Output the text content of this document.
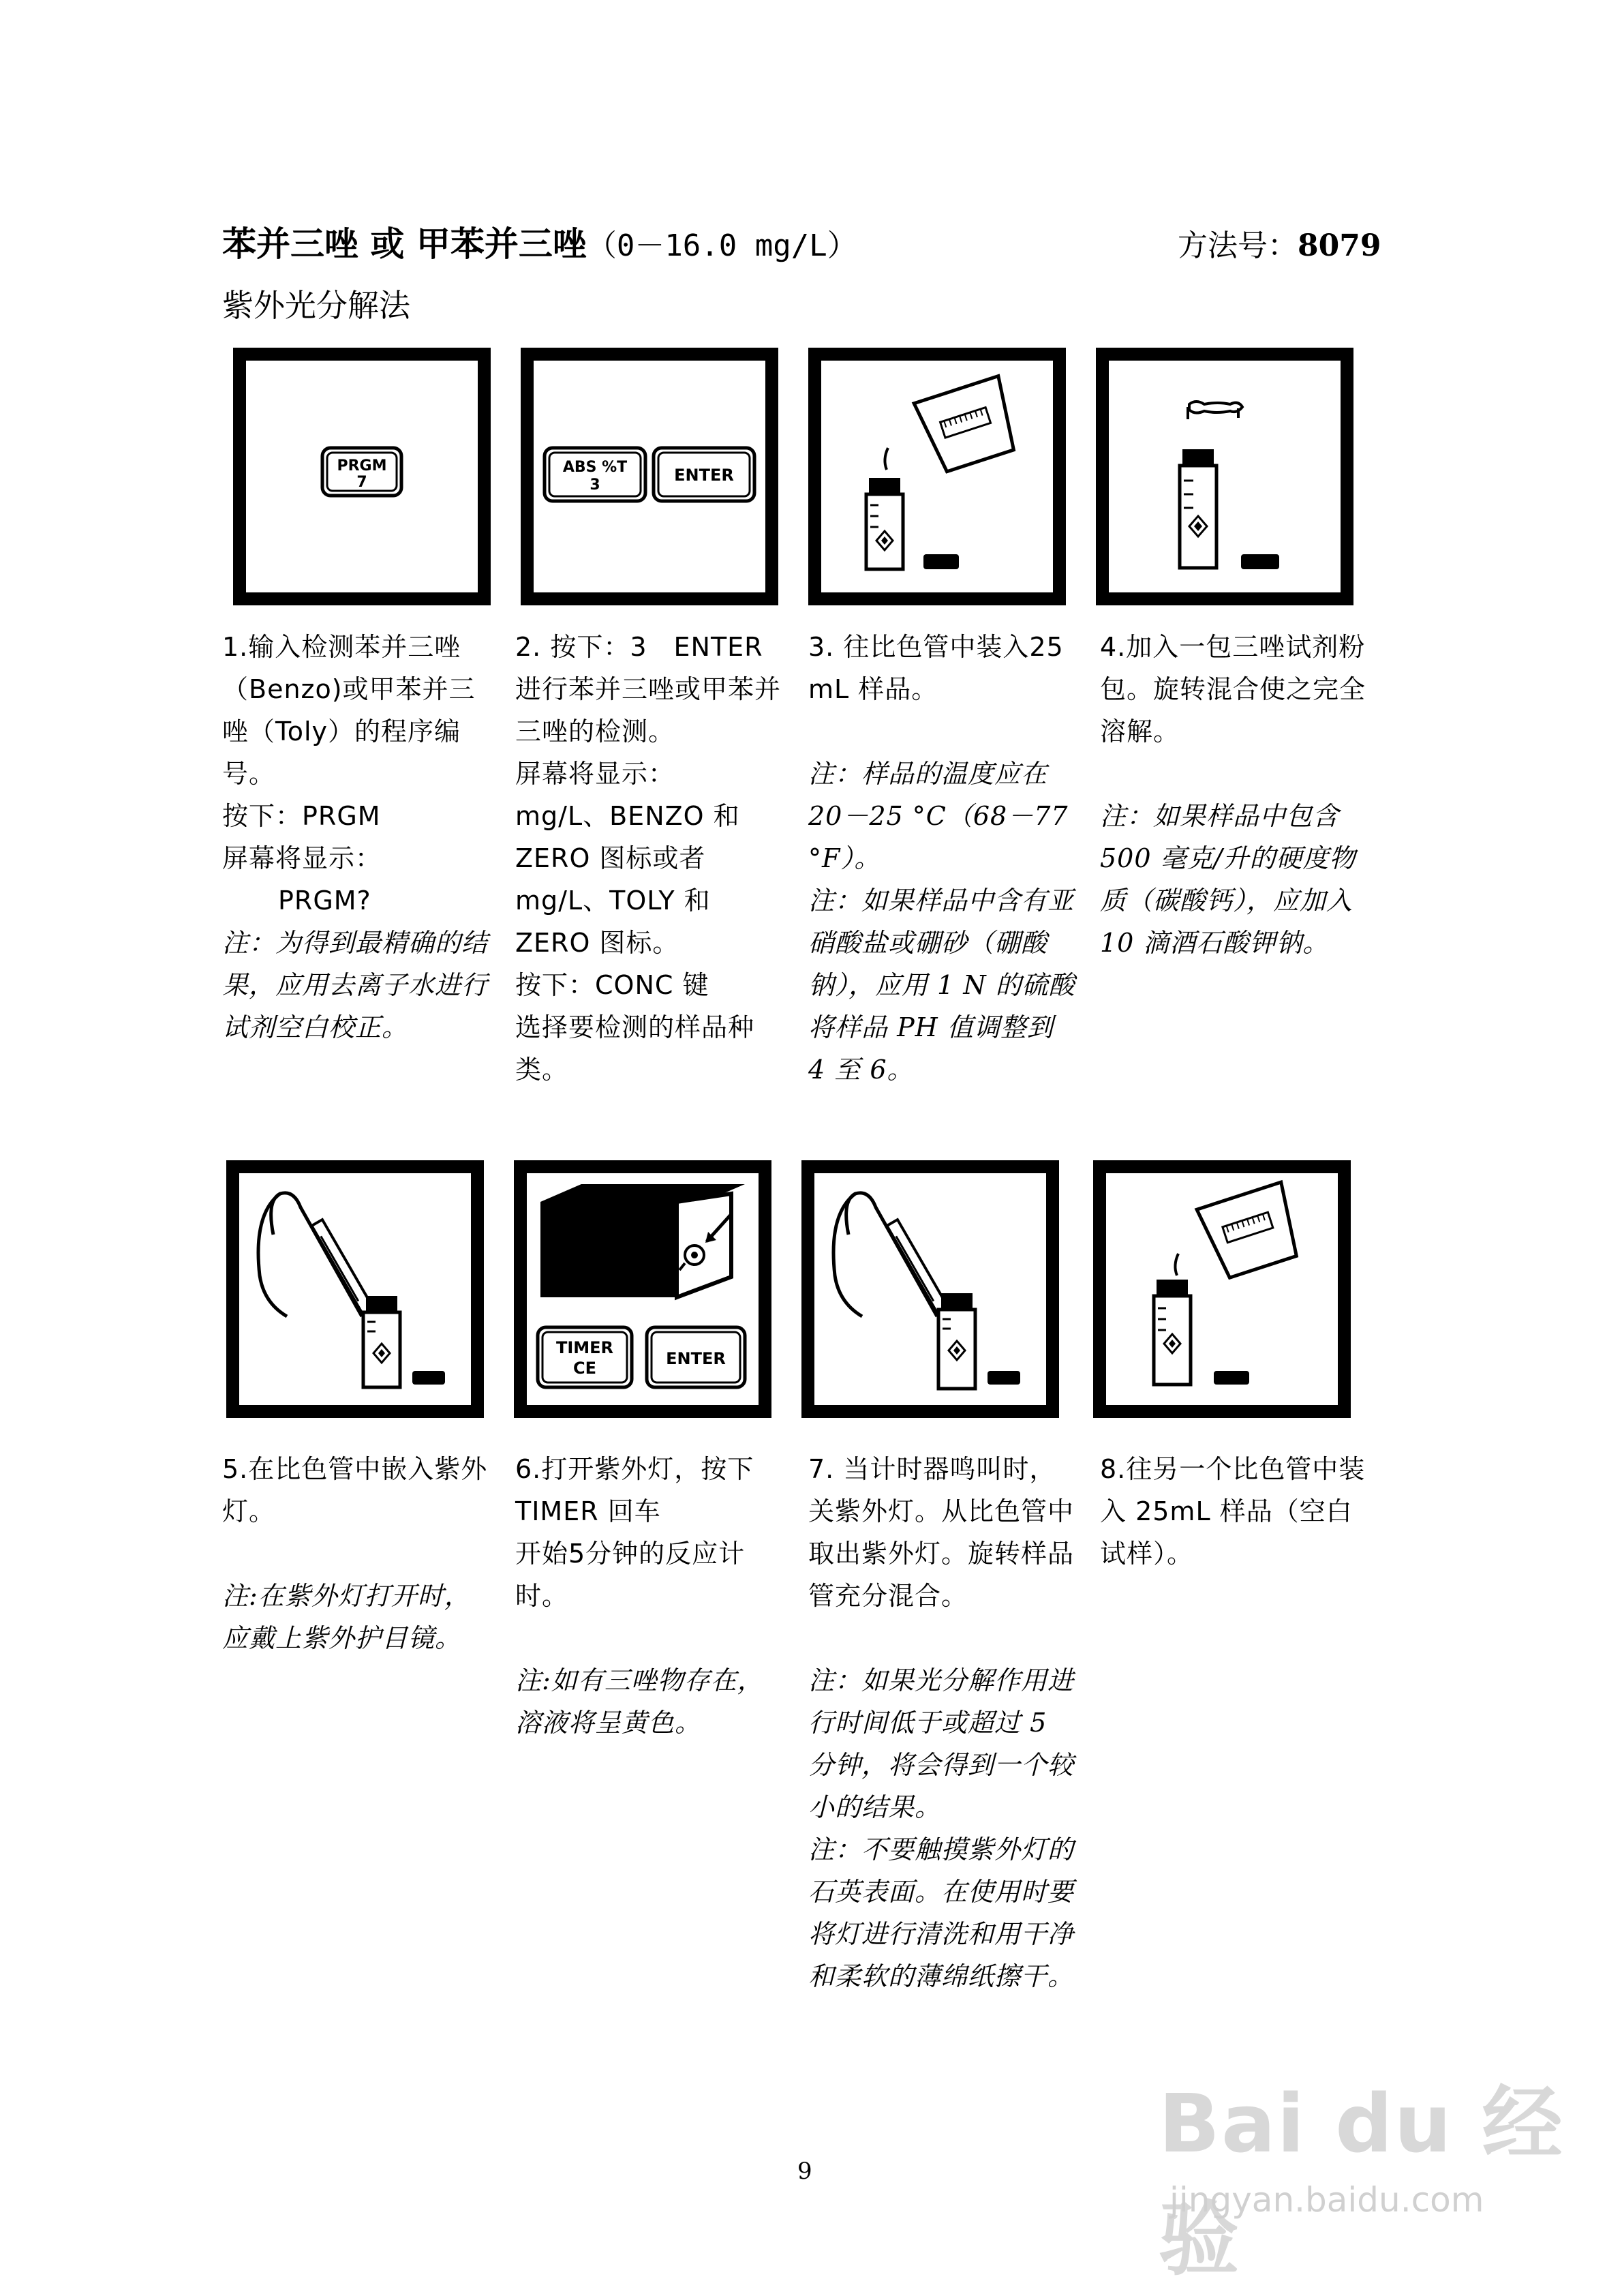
苯并三唑 或 甲苯并三唑（0－16.0 mg/L）	方法号：8079
紫外光分解法
PRGM
7
ABS %T
3
ENTER

1.输入检测苯并三唑（Benzo)或甲苯并三唑（Toly）的程序编号。

按下：PRGM

屏幕将显示：

PRGM?

注：为得到最精确的结果，应用去离子水进行试剂空白校正。

2. 按下：3　ENTER进行苯并三唑或甲苯并三唑的检测。

屏幕将显示：

mg/L、BENZO 和 ZERO 图标或者 mg/L、TOLY 和 ZERO 图标。

按下：CONC 键

选择要检测的样品种类。

3. 往比色管中装入25 mL 样品。

注：样品的温度应在20－25 °C（68－77 °F）。

注：如果样品中含有亚硝酸盐或硼砂（硼酸钠），应用 1 N 的硫酸将样品 PH 值调整到 4 至 6。

4.加入一包三唑试剂粉包。旋转混合使之完全溶解。

注：如果样品中包含 500 毫克/升的硬度物质（碳酸钙），应加入 10 滴酒石酸钾钠。

TIMER
CE	ENTER

5.在比色管中嵌入紫外灯。

注:在紫外灯打开时，应戴上紫外护目镜。

6.打开紫外灯，按下TIMER 回车

开始5分钟的反应计时。

注:如有三唑物存在，溶液将呈黄色。

7. 当计时器鸣叫时，关紫外灯。从比色管中取出紫外灯。旋转样品管充分混合。

注：如果光分解作用进行时间低于或超过 5 分钟，将会得到一个较小的结果。

注：不要触摸紫外灯的石英表面。在使用时要将灯进行清洗和用干净和柔软的薄绵纸擦干。

8.往另一个比色管中装入 25mL 样品（空白试样）。

9
Bai du 经验
jingyan.baidu.com
